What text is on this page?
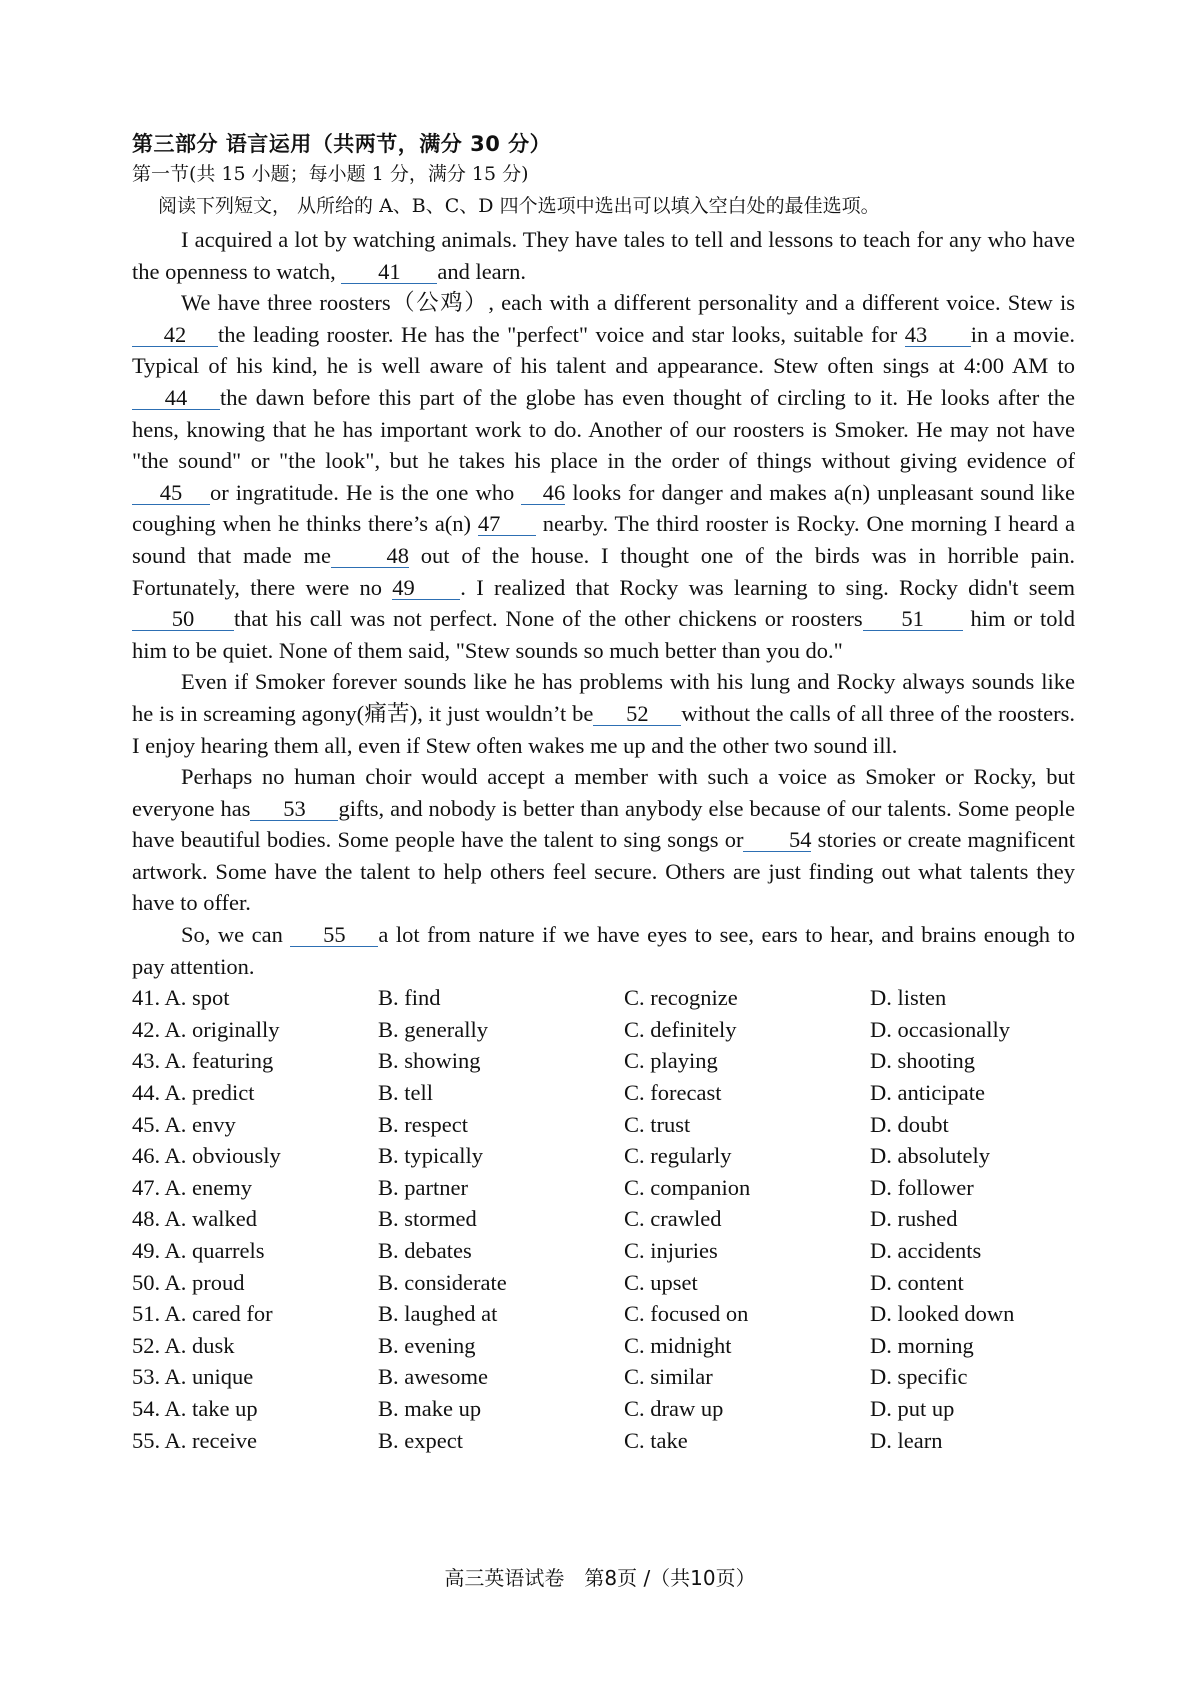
第三部分 语言运用（共两节，满分 30 分）
第一节(共 15 小题；每小题 1 分，满分 15 分)
阅读下列短文， 从所给的 A、B、C、D 四个选项中选出可以填入空白处的最佳选项。

I acquired a lot by watching animals. They have tales to tell and lessons to teach for any who have the openness to watch, 41 and learn.

We have three roosters（公鸡）, each with a different personality and a different voice. Stew is 42 the leading rooster. He has the "perfect" voice and star looks, suitable for 43 in a movie. Typical of his kind, he is well aware of his talent and appearance. Stew often sings at 4:00 AM to 44 the dawn before this part of the globe has even thought of circling to it. He looks after the hens, knowing that he has important work to do. Another of our roosters is Smoker. He may not have "the sound" or "the look", but he takes his place in the order of things without giving evidence of 45 or ingratitude. He is the one who 46 looks for danger and makes a(n) unpleasant sound like coughing when he thinks there’s a(n) 47 nearby. The third rooster is Rocky. One morning I heard a sound that made me 48 out of the house. I thought one of the birds was in horrible pain. Fortunately, there were no 49 . I realized that Rocky was learning to sing. Rocky didn't seem50 that his call was not perfect. None of the other chickens or roosters 51 him or told him to be quiet. None of them said, "Stew sounds so much better than you do."

Even if Smoker forever sounds like he has problems with his lung and Rocky always sounds like he is in screaming agony(痛苦), it just wouldn’t be 52 without the calls of all three of the roosters. I enjoy hearing them all, even if Stew often wakes me up and the other two sound ill.

Perhaps no human choir would accept a member with such a voice as Smoker or Rocky, but everyone has 53 gifts, and nobody is better than anybody else because of our talents. Some people have beautiful bodies. Some people have the talent to sing songs or 54 stories or create magnificent artwork. Some have the talent to help others feel secure. Others are just finding out what talents they have to offer.

So, we can 55 a lot from nature if we have eyes to see, ears to hear, and brains enough to pay attention.

41. A. spot	B. find	C. recognize	D. listen
42. A. originally	B. generally	C. definitely	D. occasionally
43. A. featuring	B. showing	C. playing	D. shooting
44. A. predict	B. tell	C. forecast	D. anticipate
45. A. envy	B. respect	C. trust	D. doubt
46. A. obviously	B. typically	C. regularly	D. absolutely
47. A. enemy	B. partner	C. companion	D. follower
48. A. walked	B. stormed	C. crawled	D. rushed
49. A. quarrels	B. debates	C. injuries	D. accidents
50. A. proud	B. considerate	C. upset	D. content
51. A. cared for	B. laughed at	C. focused on	D. looked down
52. A. dusk	B. evening	C. midnight	D. morning
53. A. unique	B. awesome	C. similar	D. specific
54. A. take up	B. make up	C. draw up	D. put up
55. A. receive	B. expect	C. take	D. learn
高三英语试卷　第8页 /（共10页）
